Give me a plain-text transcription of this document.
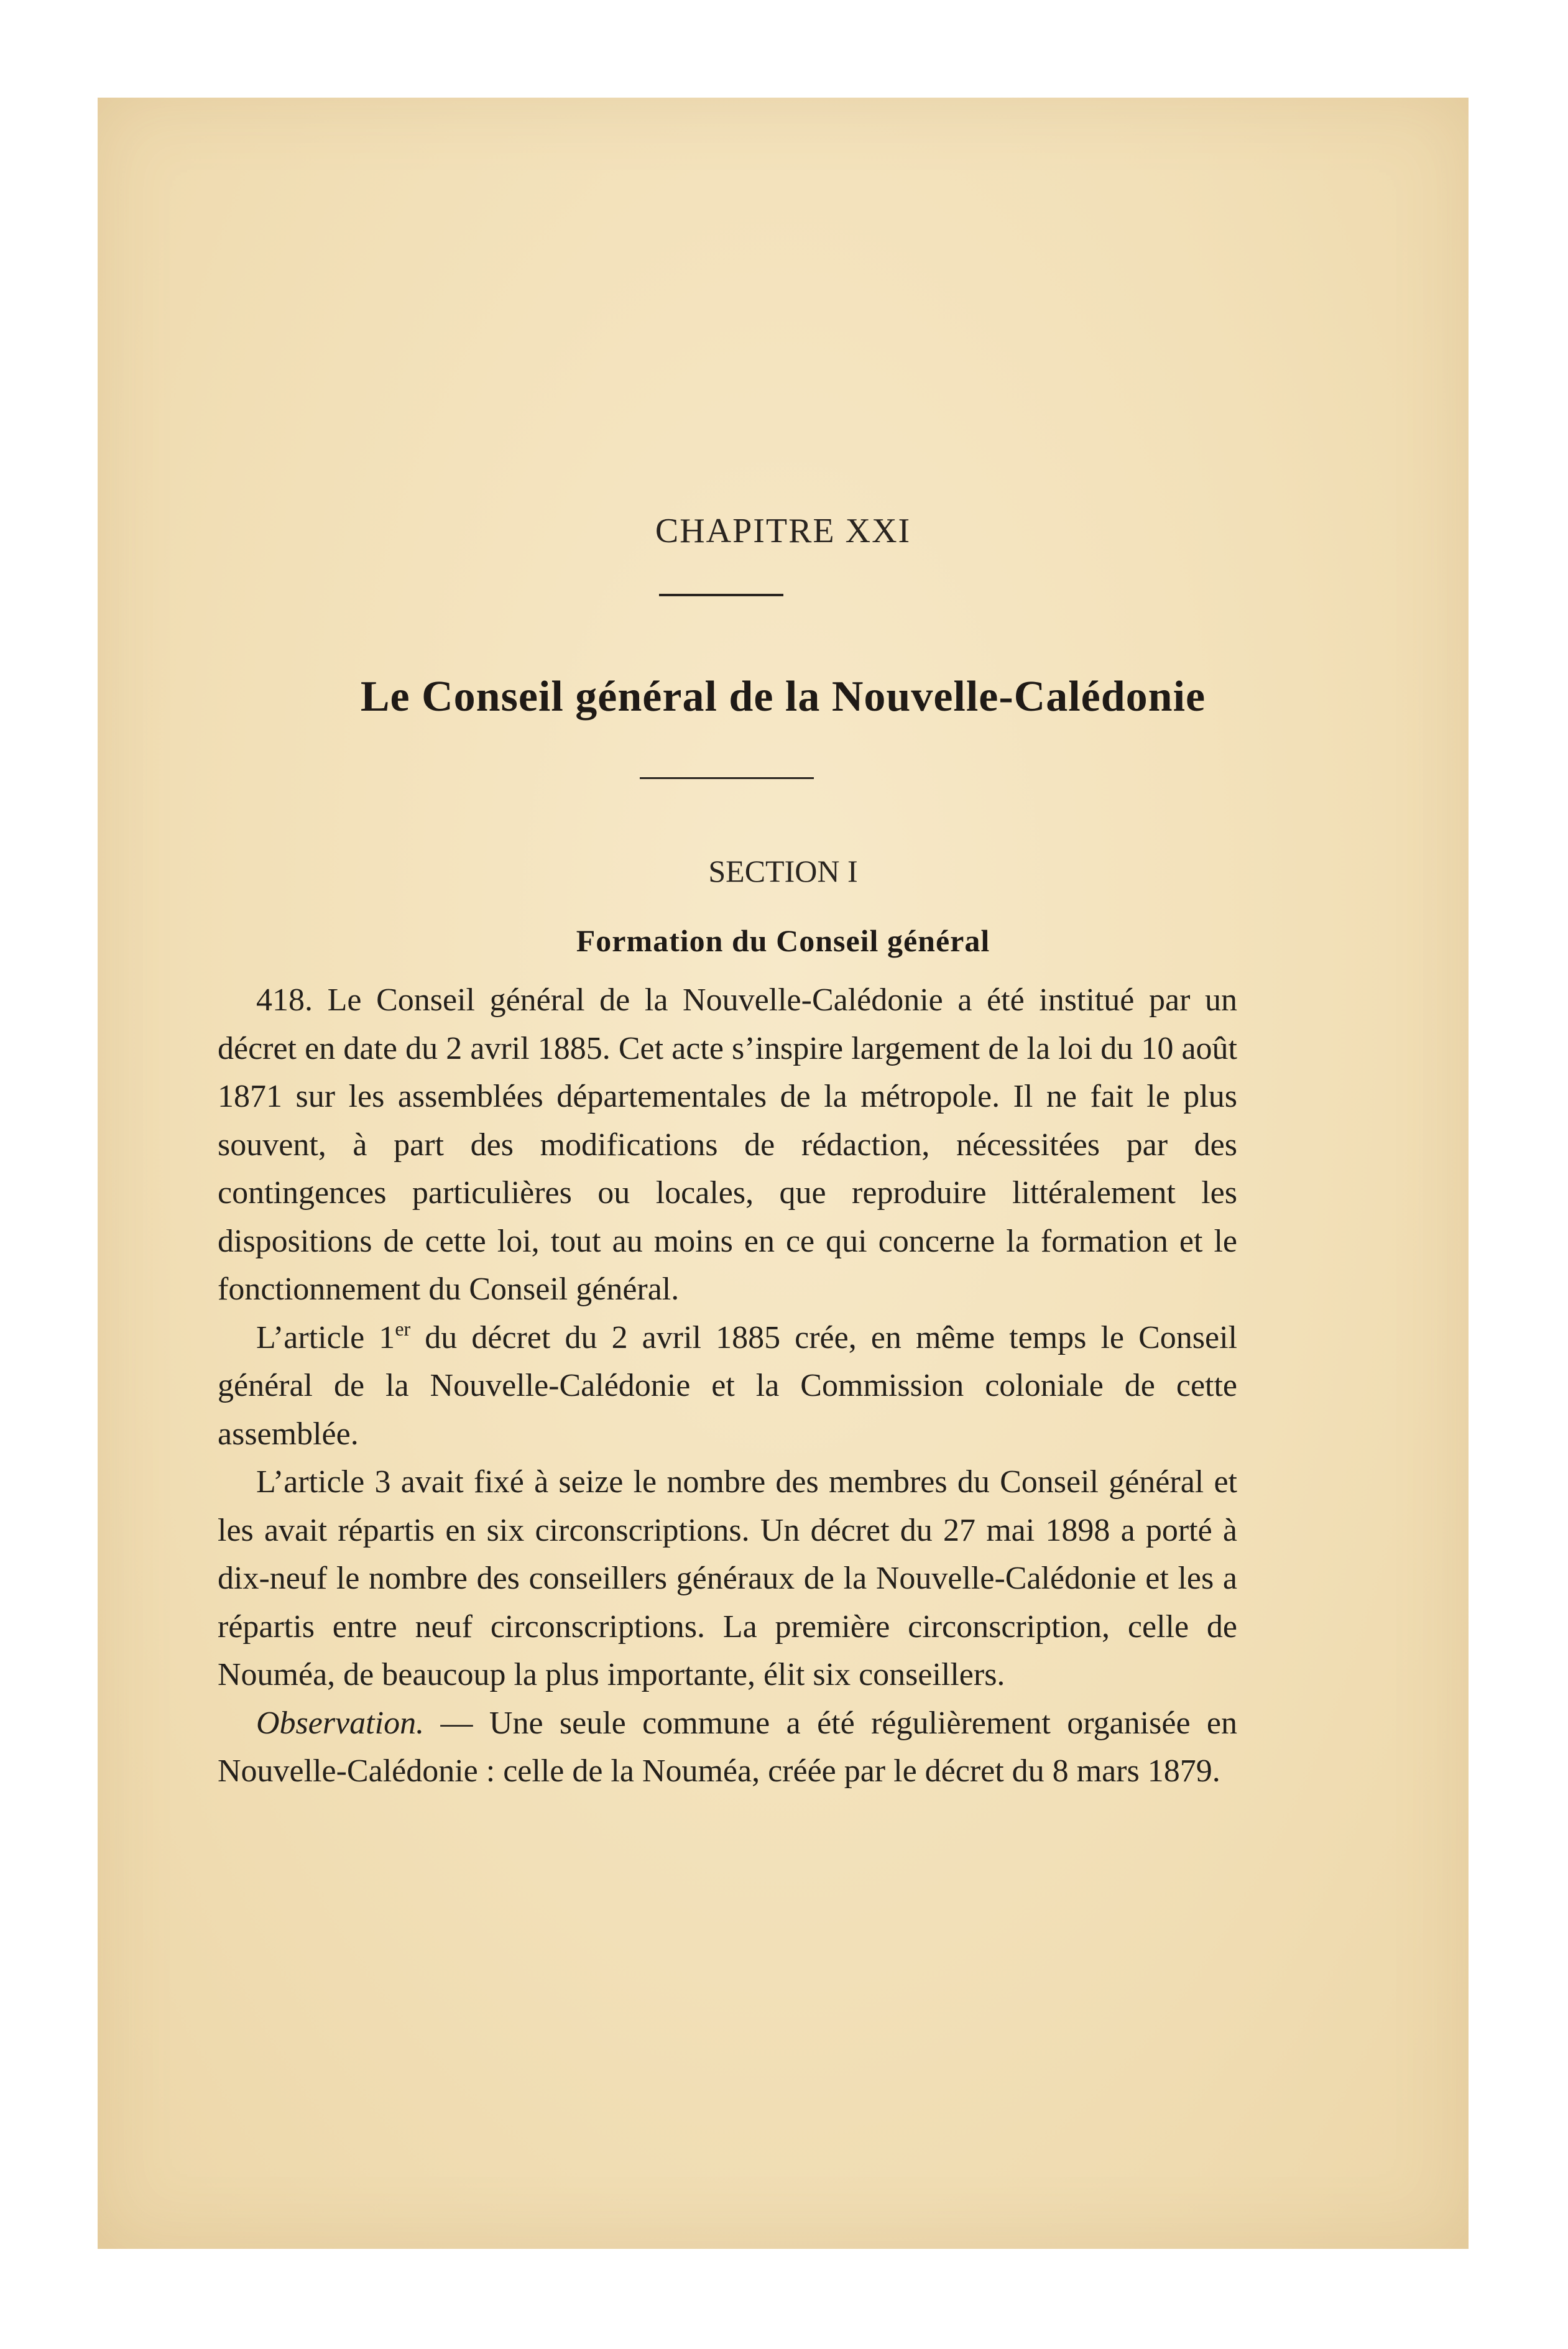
CHAPITRE XXI
Le Conseil général de la Nouvelle-Calédonie
SECTION I
Formation du Conseil général

418. Le Conseil général de la Nouvelle-Calédonie a été institué par un décret en date du 2 avril 1885. Cet acte s’inspire largement de la loi du 10 août 1871 sur les assemblées départementales de la métropole. Il ne fait le plus souvent, à part des modifications de rédaction, nécessitées par des contingences particulières ou locales, que reproduire littéralement les dispositions de cette loi, tout au moins en ce qui concerne la formation et le fonctionnement du Conseil général.

L’article 1er du décret du 2 avril 1885 crée, en même temps le Conseil général de la Nouvelle-Calédonie et la Commission coloniale de cette assemblée.

L’article 3 avait fixé à seize le nombre des membres du Conseil général et les avait répartis en six circonscriptions. Un décret du 27 mai 1898 a porté à dix-neuf le nombre des conseillers généraux de la Nouvelle-Calédonie et les a répartis entre neuf circonscriptions. La première circonscription, celle de Nouméa, de beaucoup la plus importante, élit six conseillers.

Observation. — Une seule commune a été régulièrement organisée en Nouvelle-Calédonie : celle de la Nouméa, créée par le décret du 8 mars 1879.
